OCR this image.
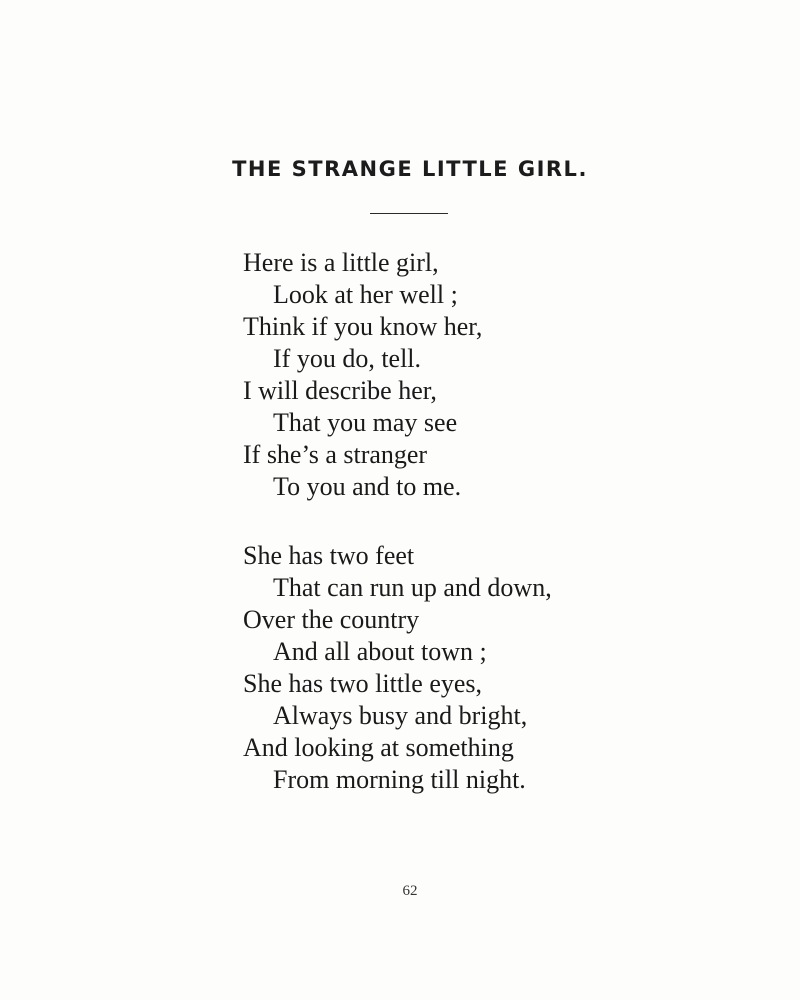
THE STRANGE LITTLE GIRL.
Here is a little girl,
Look at her well ;
Think if you know her,
If you do, tell.
I will describe her,
That you may see
If she’s a stranger
To you and to me.
She has two feet
That can run up and down,
Over the country
And all about town ;
She has two little eyes,
Always busy and bright,
And looking at something
From morning till night.
62
